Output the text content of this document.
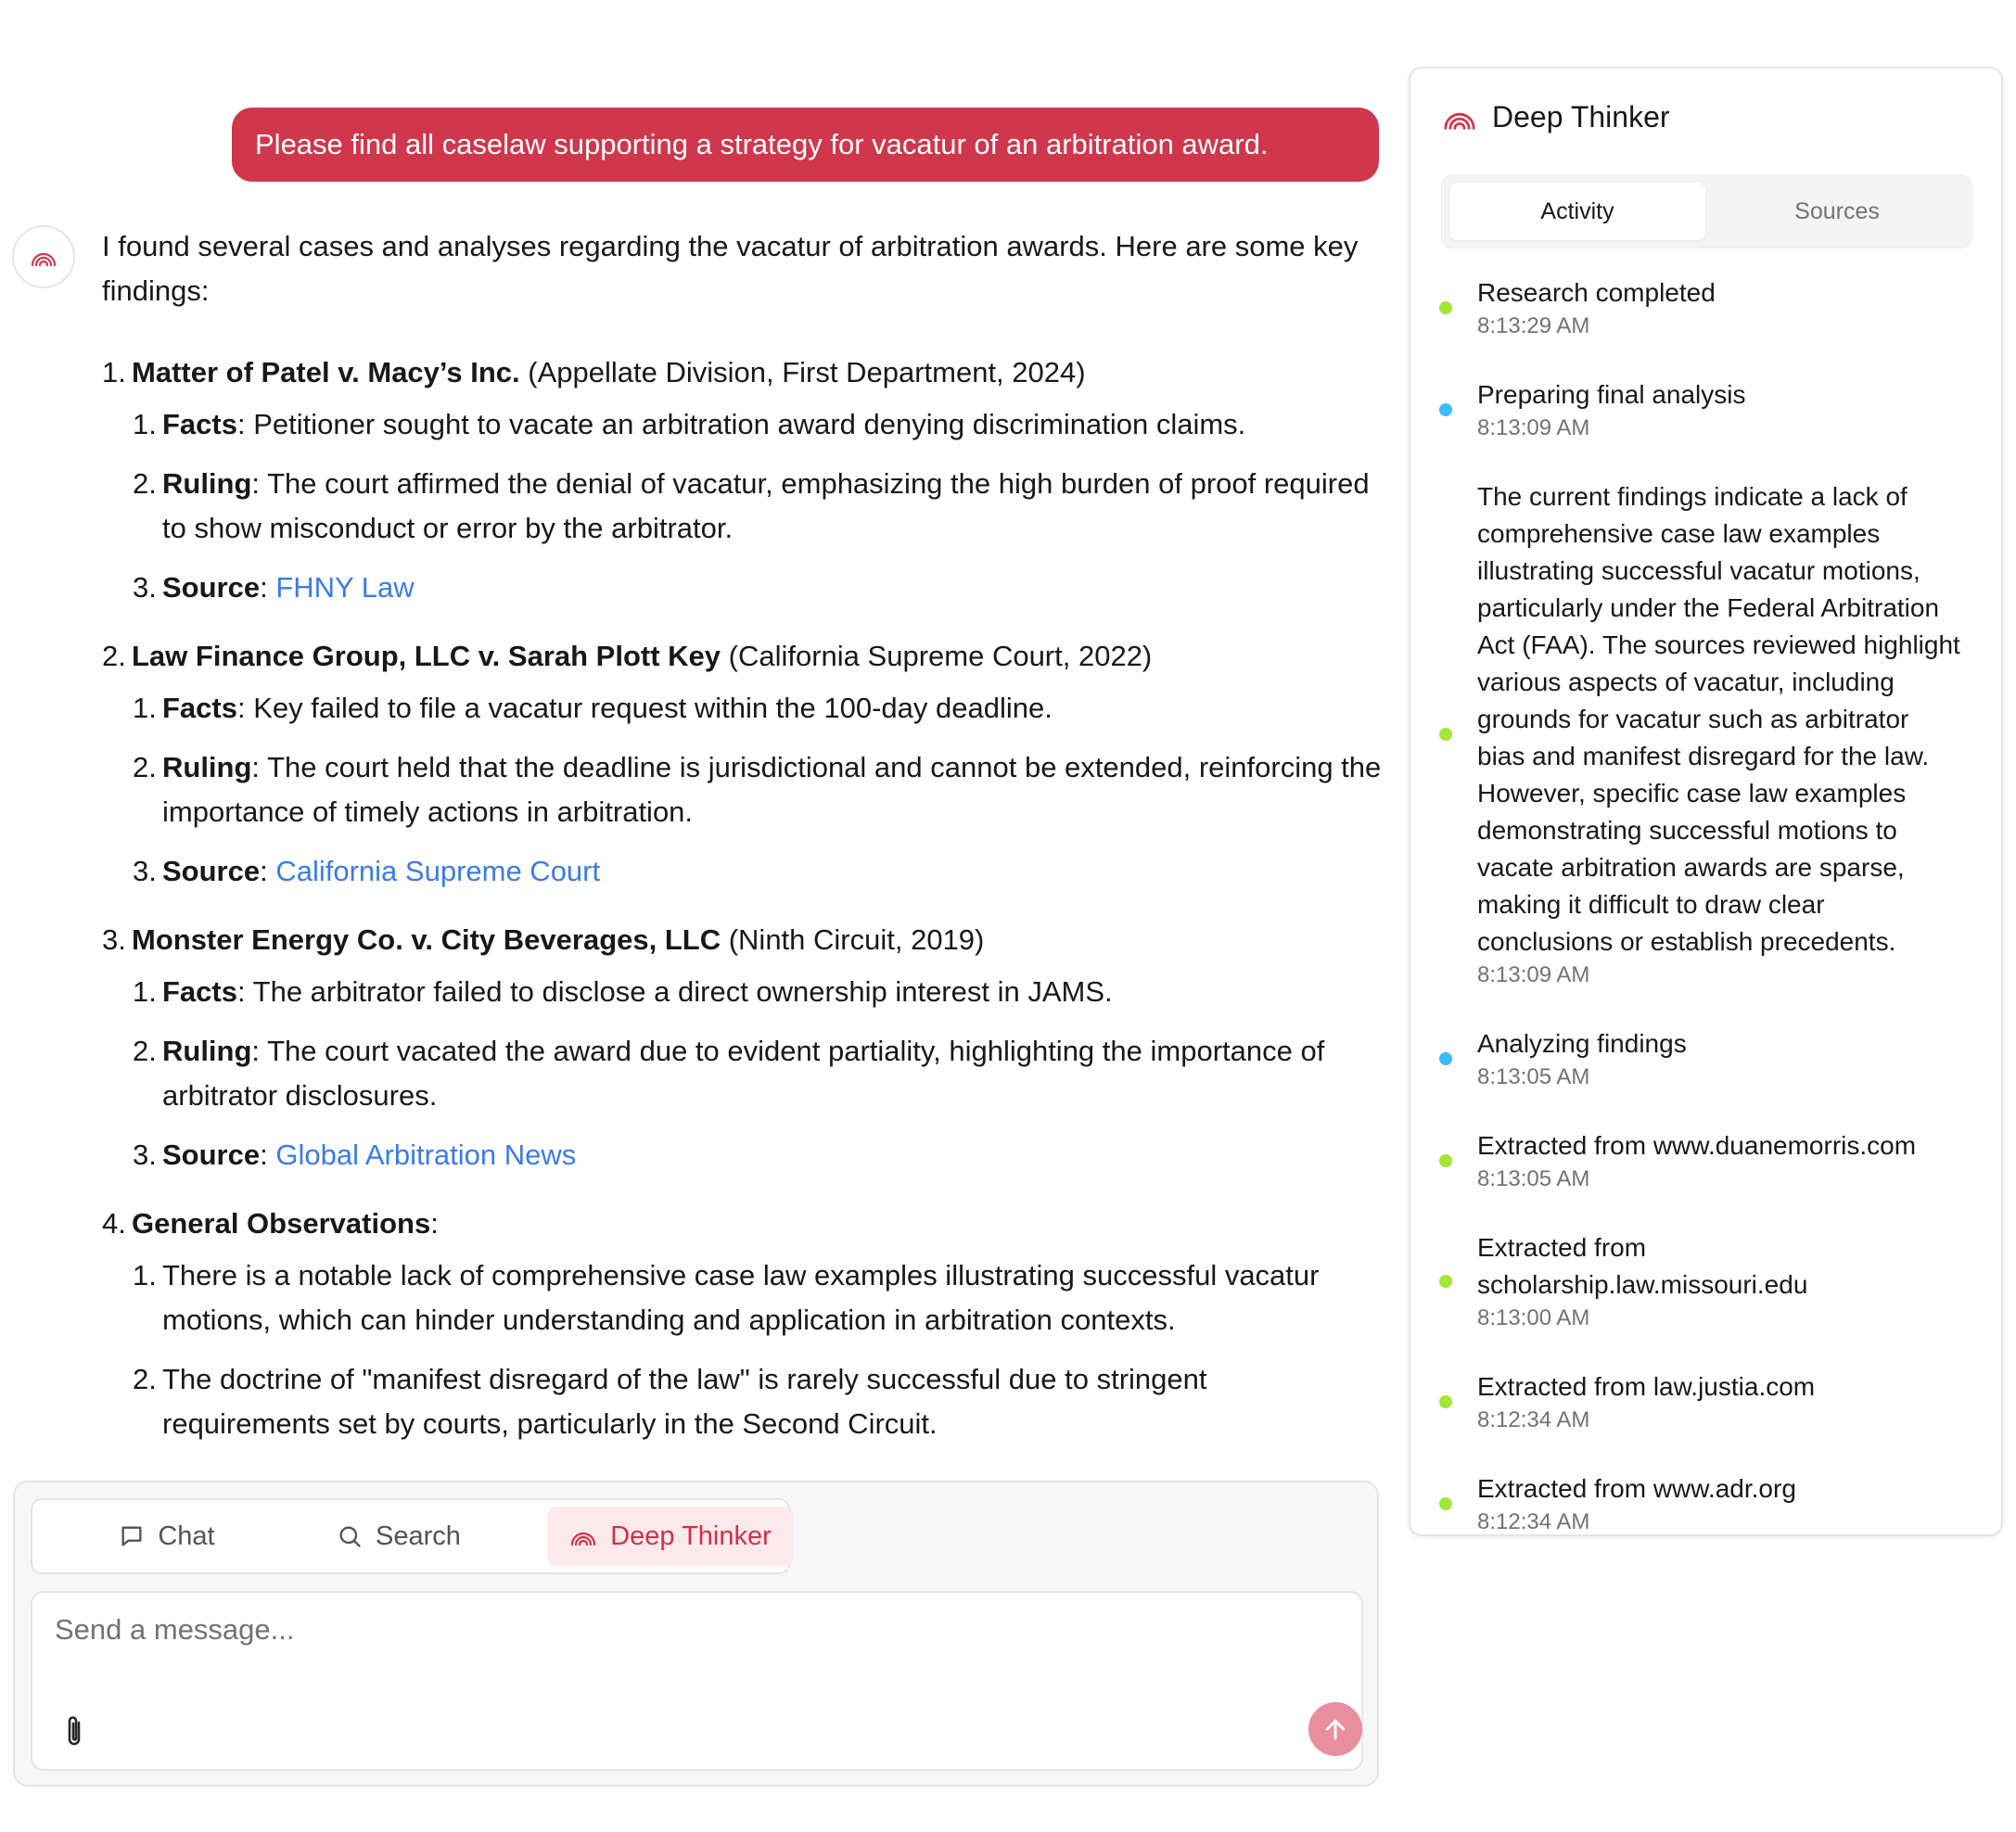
Please find all caselaw supporting a strategy for vacatur of an arbitration award.

I found several cases and analyses regarding the vacatur of arbitration awards. Here are some key findings:

1. Matter of Patel v. Macy’s Inc. (Appellate Division, First Department, 2024)
1. Facts: Petitioner sought to vacate an arbitration award denying discrimination claims.
2. Ruling: The court affirmed the denial of vacatur, emphasizing the high burden of proof required to show misconduct or error by the arbitrator.
3. Source: FHNY Law
2. Law Finance Group, LLC v. Sarah Plott Key (California Supreme Court, 2022)
1. Facts: Key failed to file a vacatur request within the 100-day deadline.
2. Ruling: The court held that the deadline is jurisdictional and cannot be extended, reinforcing the importance of timely actions in arbitration.
3. Source: California Supreme Court
3. Monster Energy Co. v. City Beverages, LLC (Ninth Circuit, 2019)
1. Facts: The arbitrator failed to disclose a direct ownership interest in JAMS.
2. Ruling: The court vacated the award due to evident partiality, highlighting the importance of arbitrator disclosures.
3. Source: Global Arbitration News
4. General Observations:
1. There is a notable lack of comprehensive case law examples illustrating successful vacatur motions, which can hinder understanding and application in arbitration contexts.
2. The doctrine of "manifest disregard of the law" is rarely successful due to stringent requirements set by courts, particularly in the Second Circuit.
Chat	Search	Deep Thinker
Send a message...
Deep Thinker
Activity	Sources
Research completed
8:13:29 AM
Preparing final analysis
8:13:09 AM
The current findings indicate a lack of comprehensive case law examples illustrating successful vacatur motions, particularly under the Federal Arbitration Act (FAA). The sources reviewed highlight various aspects of vacatur, including grounds for vacatur such as arbitrator bias and manifest disregard for the law. However, specific case law examples demonstrating successful motions to vacate arbitration awards are sparse, making it difficult to draw clear conclusions or establish precedents.
8:13:09 AM
Analyzing findings
8:13:05 AM
Extracted from www.duanemorris.com
8:13:05 AM
Extracted from scholarship.law.missouri.edu
8:13:00 AM
Extracted from law.justia.com
8:12:34 AM
Extracted from www.adr.org
8:12:34 AM
